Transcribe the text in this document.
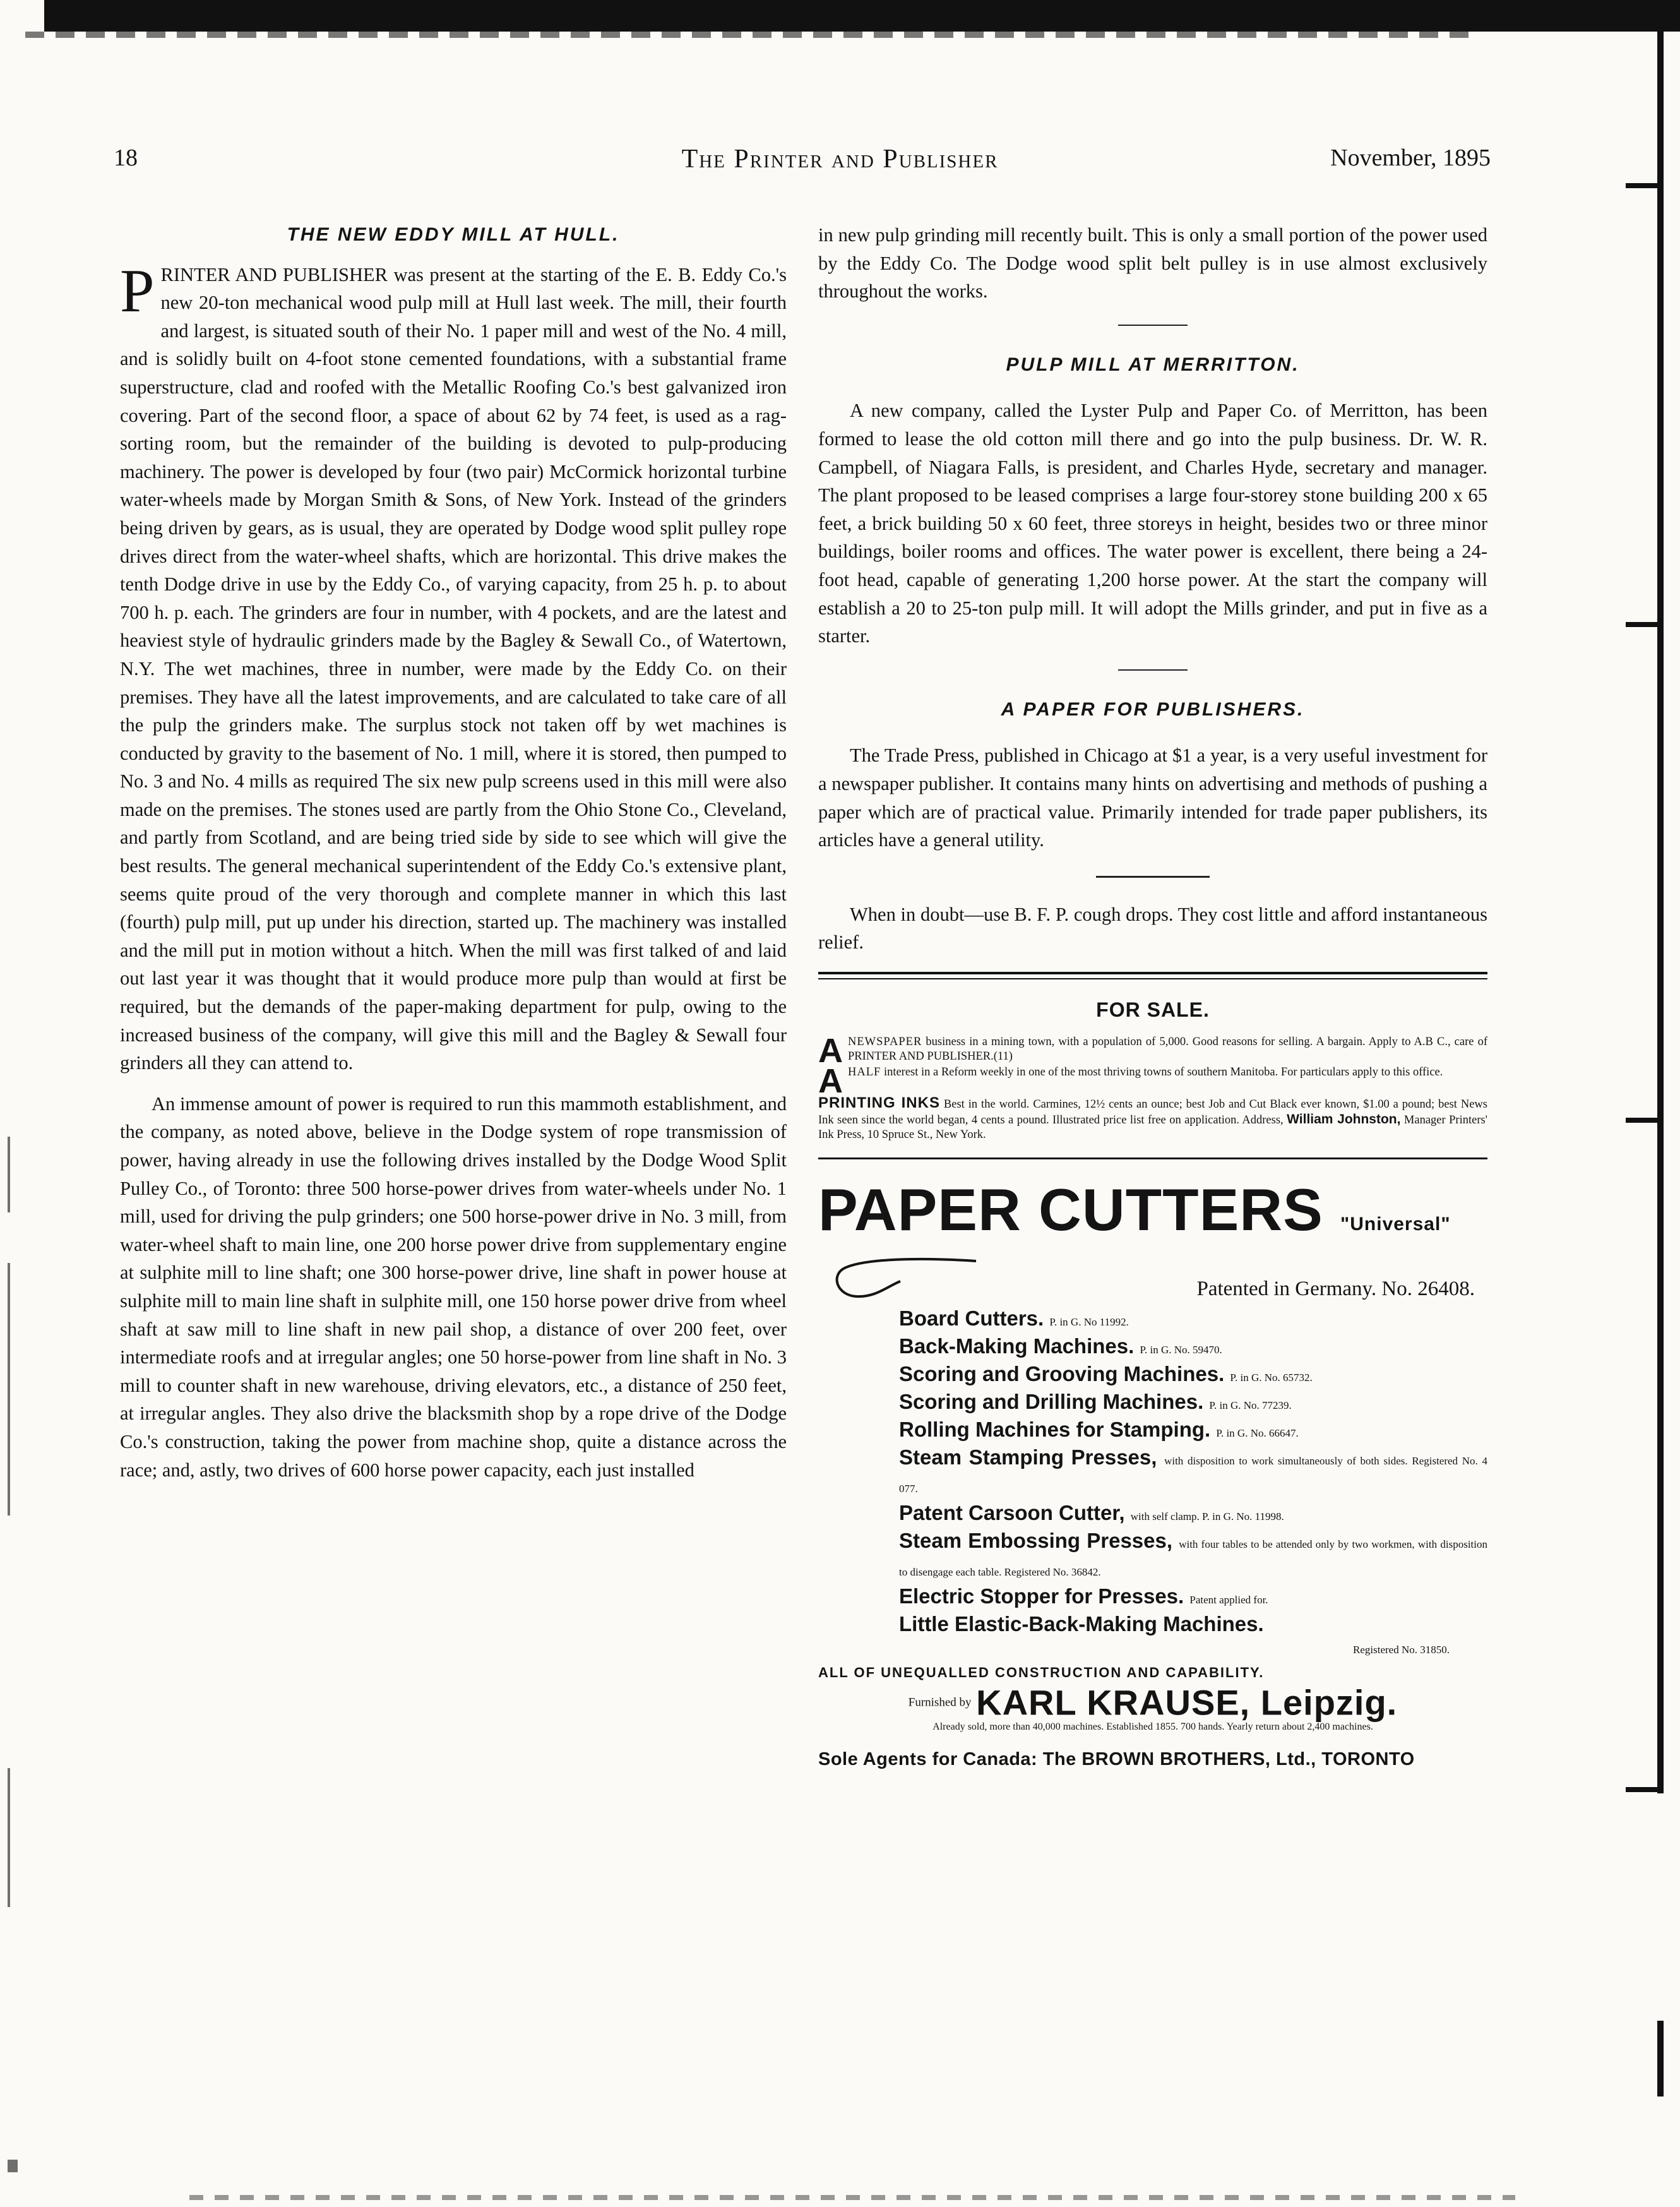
The Printer and Publisher
18	November, 1895
THE NEW EDDY MILL AT HULL.

PRINTER AND PUBLISHER was present at the starting of the E. B. Eddy Co.'s new 20-ton mechanical wood pulp mill at Hull last week. The mill, their fourth and largest, is situated south of their No. 1 paper mill and west of the No. 4 mill, and is solidly built on 4-foot stone cemented foundations, with a substantial frame superstructure, clad and roofed with the Metallic Roofing Co.'s best galvanized iron covering. Part of the second floor, a space of about 62 by 74 feet, is used as a rag-sorting room, but the remainder of the building is devoted to pulp-producing machinery. The power is developed by four (two pair) McCormick horizontal turbine water-wheels made by Morgan Smith & Sons, of New York. Instead of the grinders being driven by gears, as is usual, they are operated by Dodge wood split pulley rope drives direct from the water-wheel shafts, which are horizontal. This drive makes the tenth Dodge drive in use by the Eddy Co., of varying capacity, from 25 h. p. to about 700 h. p. each. The grinders are four in number, with 4 pockets, and are the latest and heaviest style of hydraulic grinders made by the Bagley & Sewall Co., of Watertown, N.Y. The wet machines, three in number, were made by the Eddy Co. on their premises. They have all the latest improvements, and are calculated to take care of all the pulp the grinders make. The surplus stock not taken off by wet machines is conducted by gravity to the basement of No. 1 mill, where it is stored, then pumped to No. 3 and No. 4 mills as required The six new pulp screens used in this mill were also made on the premises. The stones used are partly from the Ohio Stone Co., Cleveland, and partly from Scotland, and are being tried side by side to see which will give the best results. The general mechanical superintendent of the Eddy Co.'s extensive plant, seems quite proud of the very thorough and complete manner in which this last (fourth) pulp mill, put up under his direction, started up. The machinery was installed and the mill put in motion without a hitch. When the mill was first talked of and laid out last year it was thought that it would produce more pulp than would at first be required, but the demands of the paper-making department for pulp, owing to the increased business of the company, will give this mill and the Bagley & Sewall four grinders all they can attend to.

An immense amount of power is required to run this mammoth establishment, and the company, as noted above, believe in the Dodge system of rope transmission of power, having already in use the following drives installed by the Dodge Wood Split Pulley Co., of Toronto: three 500 horse-power drives from water-wheels under No. 1 mill, used for driving the pulp grinders; one 500 horse-power drive in No. 3 mill, from water-wheel shaft to main line, one 200 horse power drive from supplementary engine at sulphite mill to line shaft; one 300 horse-power drive, line shaft in power house at sulphite mill to main line shaft in sulphite mill, one 150 horse power drive from wheel shaft at saw mill to line shaft in new pail shop, a distance of over 200 feet, over intermediate roofs and at irregular angles; one 50 horse-power from line shaft in No. 3 mill to counter shaft in new warehouse, driving elevators, etc., a distance of 250 feet, at irregular angles. They also drive the blacksmith shop by a rope drive of the Dodge Co.'s construction, taking the power from machine shop, quite a distance across the race; and, astly, two drives of 600 horse power capacity, each just installed

in new pulp grinding mill recently built. This is only a small portion of the power used by the Eddy Co. The Dodge wood split belt pulley is in use almost exclusively throughout the works.

PULP MILL AT MERRITTON.

A new company, called the Lyster Pulp and Paper Co. of Merritton, has been formed to lease the old cotton mill there and go into the pulp business. Dr. W. R. Campbell, of Niagara Falls, is president, and Charles Hyde, secretary and manager. The plant proposed to be leased comprises a large four-storey stone building 200 x 65 feet, a brick building 50 x 60 feet, three storeys in height, besides two or three minor buildings, boiler rooms and offices. The water power is excellent, there being a 24-foot head, capable of generating 1,200 horse power. At the start the company will establish a 20 to 25-ton pulp mill. It will adopt the Mills grinder, and put in five as a starter.

A PAPER FOR PUBLISHERS.

The Trade Press, published in Chicago at $1 a year, is a very useful investment for a newspaper publisher. It contains many hints on advertising and methods of pushing a paper which are of practical value. Primarily intended for trade paper publishers, its articles have a general utility.

When in doubt—use B. F. P. cough drops. They cost little and afford instantaneous relief.

FOR SALE.

ANEWSPAPER business in a mining town, with a population of 5,000. Good reasons for selling. A bargain. Apply to A.B C., care of PRINTER AND PUBLISHER.(11)

AHALF interest in a Reform weekly in one of the most thriving towns of southern Manitoba. For particulars apply to this office.

PRINTING INKS Best in the world. Carmines, 12½ cents an ounce; best Job and Cut Black ever known, $1.00 a pound; best News Ink seen since the world began, 4 cents a pound. Illustrated price list free on application. Address, William Johnston, Manager Printers' Ink Press, 10 Spruce St., New York.

PAPER CUTTERS "Universal"
Patented in Germany. No. 26408.
Board Cutters. P. in G. No 11992.
Back-Making Machines. P. in G. No. 59470.
Scoring and Grooving Machines. P. in G. No. 65732.
Scoring and Drilling Machines. P. in G. No. 77239.
Rolling Machines for Stamping. P. in G. No. 66647.
Steam Stamping Presses, with disposition to work simultaneously of both sides. Registered No. 4 077.
Patent Carsoon Cutter, with self clamp. P. in G. No. 11998.
Steam Embossing Presses, with four tables to be attended only by two workmen, with disposition to disengage each table. Registered No. 36842.
Electric Stopper for Presses. Patent applied for.
Little Elastic-Back-Making Machines.
Registered No. 31850.
ALL OF UNEQUALLED CONSTRUCTION AND CAPABILITY.
Furnished by KARL KRAUSE, Leipzig.
Already sold, more than 40,000 machines. Established 1855. 700 hands. Yearly return about 2,400 machines.
Sole Agents for Canada: The BROWN BROTHERS, Ltd., TORONTO
